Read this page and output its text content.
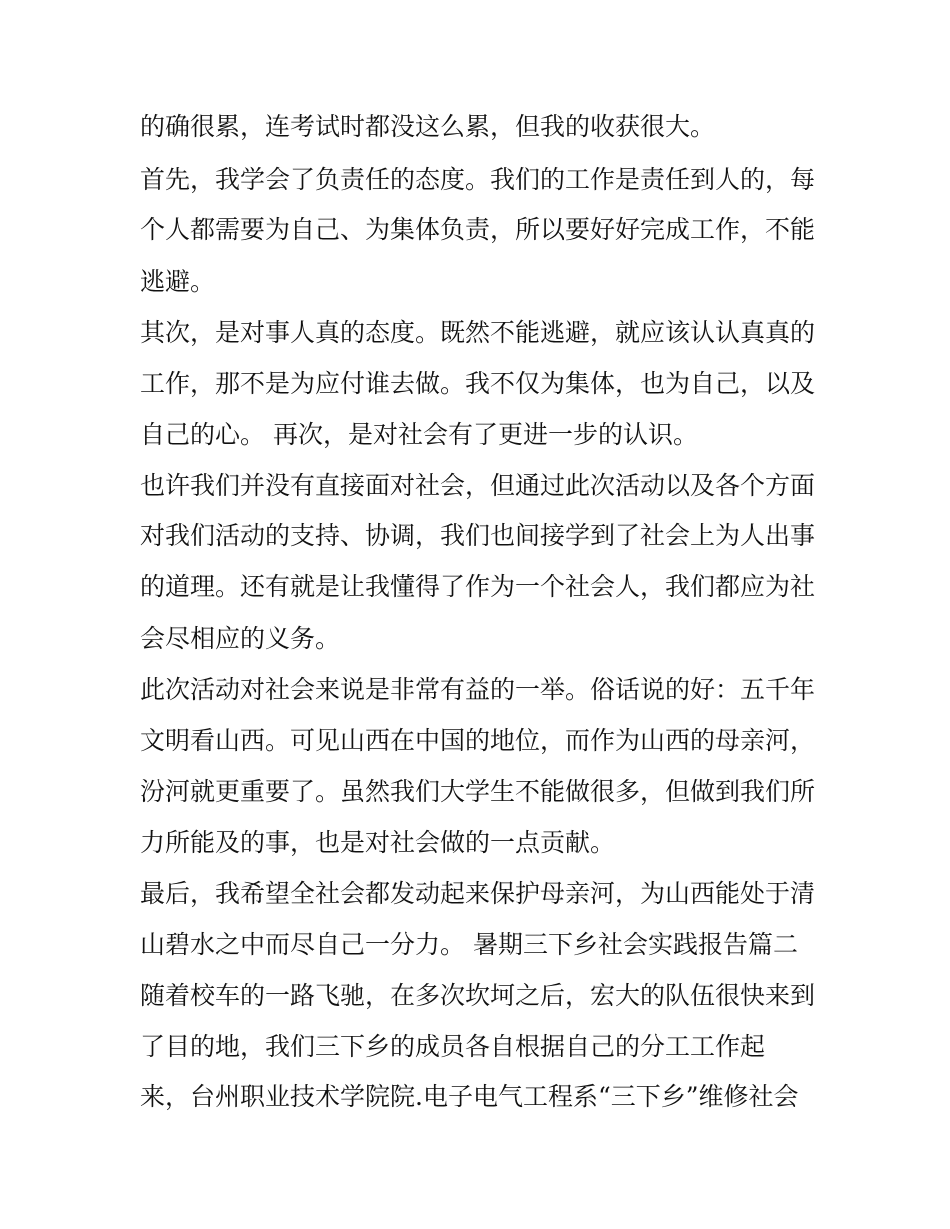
的确很累，连考试时都没这么累，但我的收获很大。
首先，我学会了负责任的态度。我们的工作是责任到人的，每
个人都需要为自己、为集体负责，所以要好好完成工作，不能
逃避。
其次，是对事人真的态度。既然不能逃避，就应该认认真真的
工作，那不是为应付谁去做。我不仅为集体，也为自己，以及
自己的心。 再次，是对社会有了更进一步的认识。
也许我们并没有直接面对社会，但通过此次活动以及各个方面
对我们活动的支持、协调，我们也间接学到了社会上为人出事
的道理。还有就是让我懂得了作为一个社会人，我们都应为社
会尽相应的义务。
此次活动对社会来说是非常有益的一举。俗话说的好：五千年
文明看山西。可见山西在中国的地位，而作为山西的母亲河，
汾河就更重要了。虽然我们大学生不能做很多，但做到我们所
力所能及的事，也是对社会做的一点贡献。
最后，我希望全社会都发动起来保护母亲河，为山西能处于清
山碧水之中而尽自己一分力。 暑期三下乡社会实践报告篇二
随着校车的一路飞驰，在多次坎坷之后，宏大的队伍很快来到
了目的地，我们三下乡的成员各自根据自己的分工工作起
来，台州职业技术学院院.电子电气工程系“三下乡”维修社会
